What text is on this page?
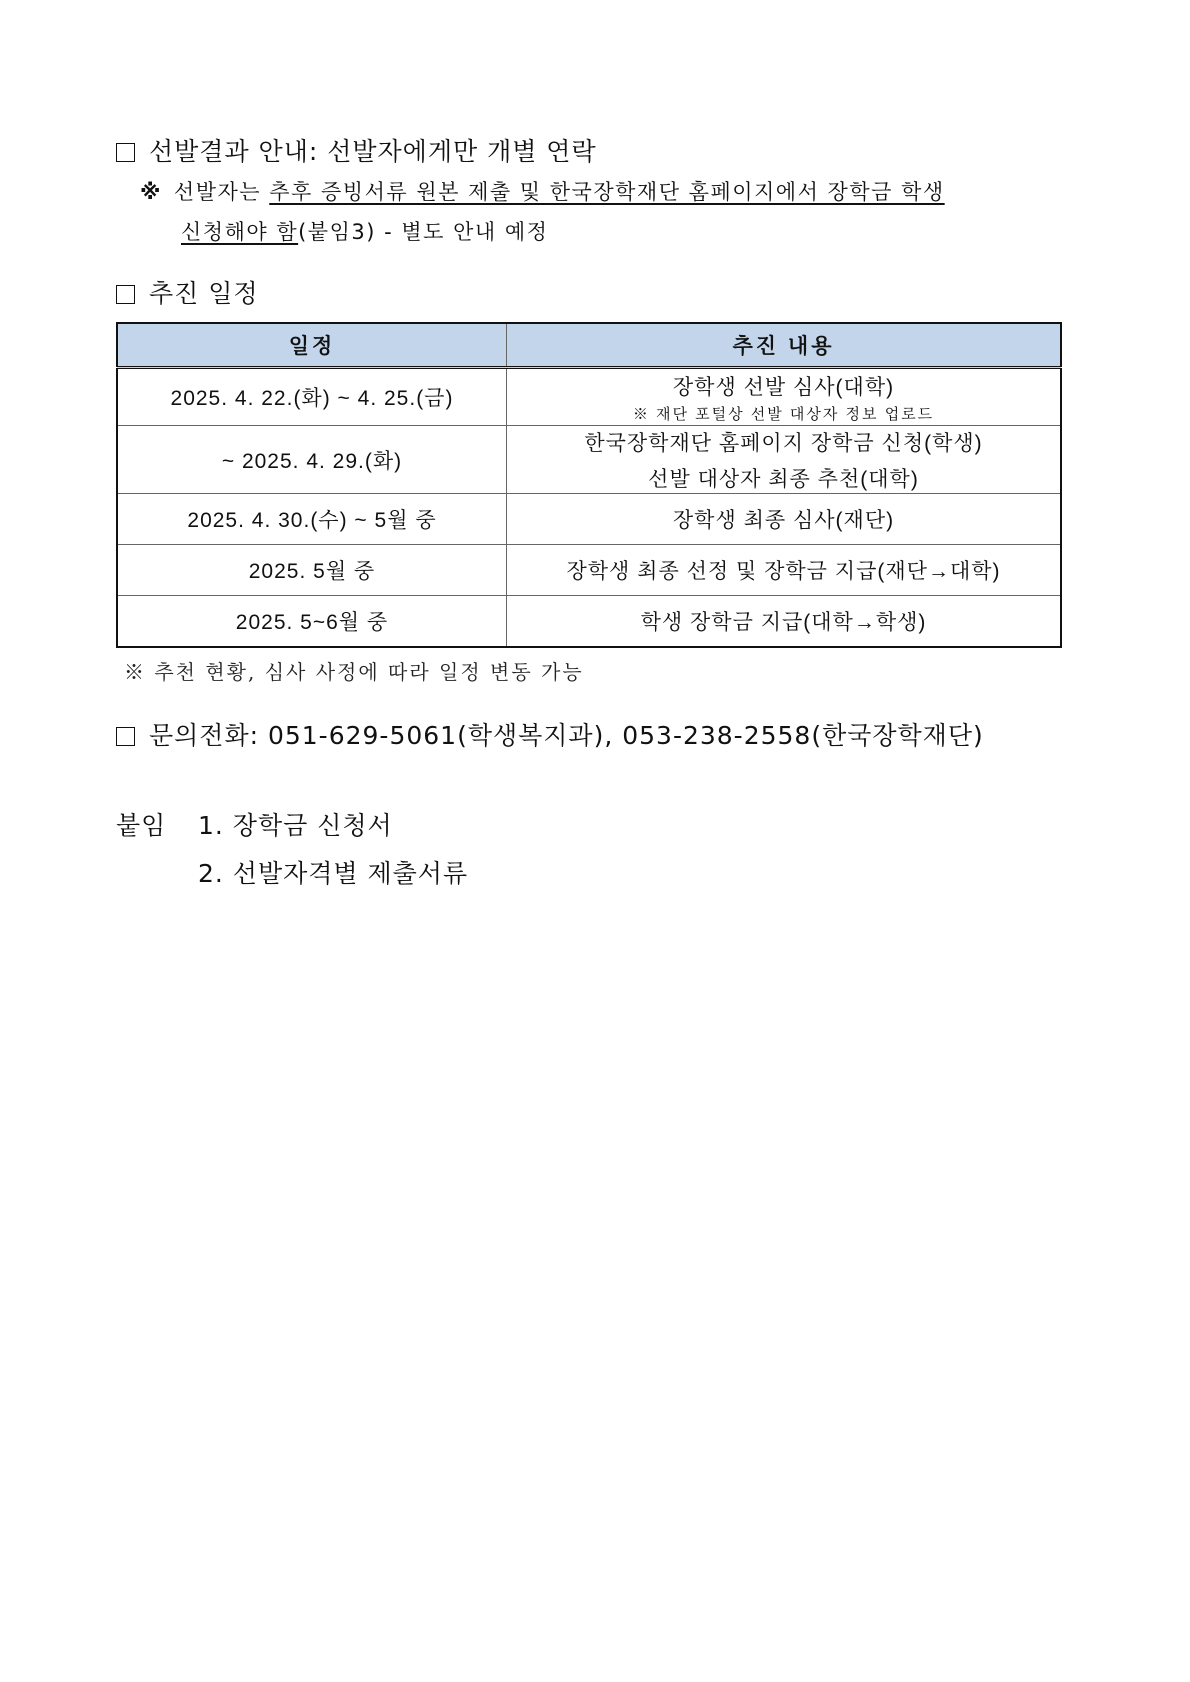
선발결과 안내: 선발자에게만 개별 연락
※ 선발자는 추후 증빙서류 원본 제출 및 한국장학재단 홈페이지에서 장학금 학생
신청해야 함(붙임3) - 별도 안내 예정
추진 일정
일정	추진 내용
2025. 4. 22.(화) ~ 4. 25.(금)	장학생 선발 심사(대학)
※ 재단 포털상 선발 대상자 정보 업로드

~ 2025. 4. 29.(화)	한국장학재단 홈페이지 장학금 신청(학생)
선발 대상자 최종 추천(대학)

2025. 4. 30.(수) ~ 5월 중	장학생 최종 심사(재단)
2025. 5월 중	장학생 최종 선정 및 장학금 지급(재단→대학)
2025. 5~6월 중	학생 장학금 지급(대학→학생)
※ 추천 현황, 심사 사정에 따라 일정 변동 가능
문의전화: 051-629-5061(학생복지과), 053-238-2558(한국장학재단)
붙임 1. 장학금 신청서
2. 선발자격별 제출서류
